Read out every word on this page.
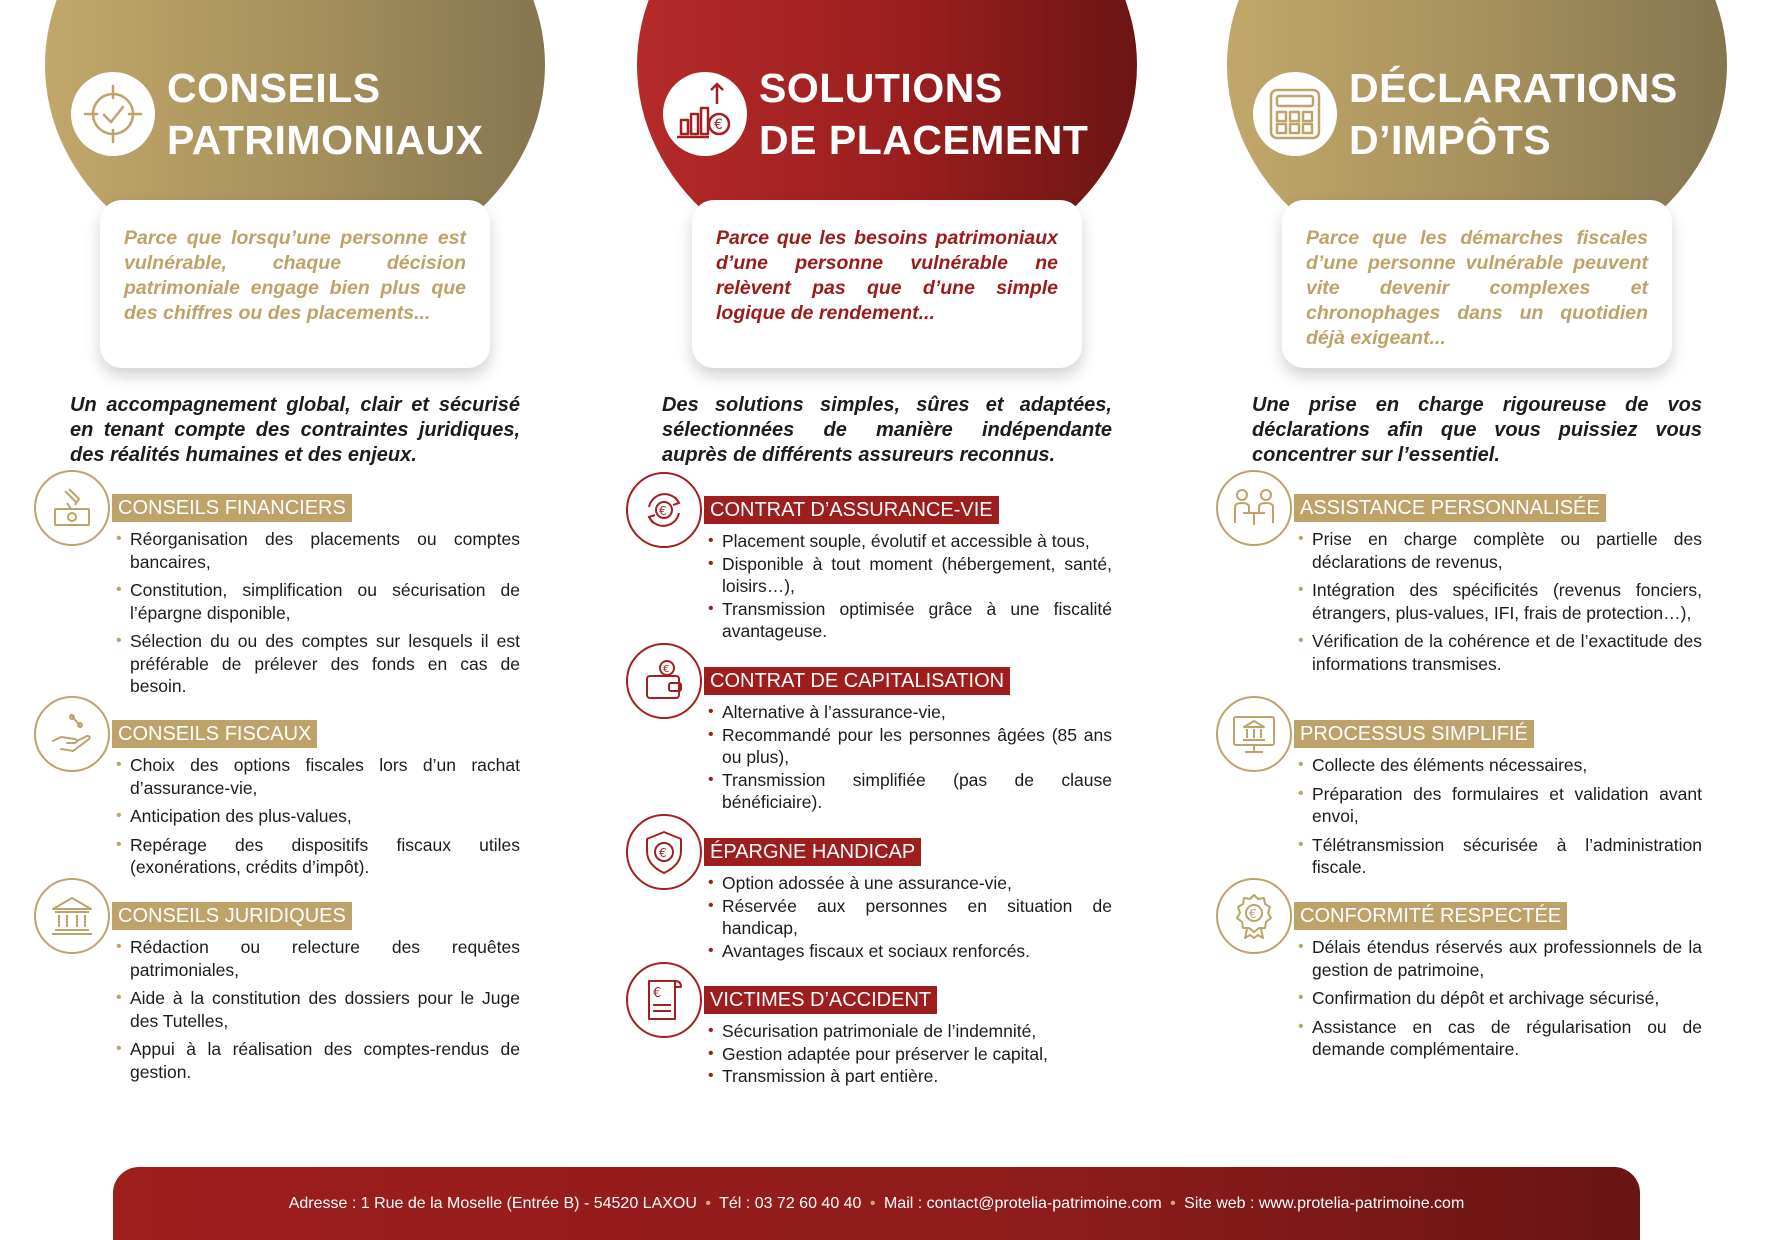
CONSEILS
PATRIMONIAUX
Parce que lorsqu’une personne est vulnérable, chaque décision patrimoniale engage bien plus que des chiffres ou des placements...
Un accompagnement global, clair et sécurisé en tenant compte des contraintes juridiques, des réalités humaines et des enjeux.
CONSEILS FINANCIERS
• Réorganisation des placements ou comptes bancaires,
• Constitution, simplification ou sécurisation de l’épargne disponible,
• Sélection du ou des comptes sur lesquels il est préférable de prélever des fonds en cas de besoin.
CONSEILS FISCAUX
• Choix des options fiscales lors d’un rachat d’assurance-vie,
• Anticipation des plus-values,
• Repérage des dispositifs fiscaux utiles (exonérations, crédits d’impôt).
CONSEILS JURIDIQUES
• Rédaction ou relecture des requêtes patrimoniales,
• Aide à la constitution des dossiers pour le Juge des Tutelles,
• Appui à la réalisation des comptes-rendus de gestion.
€
SOLUTIONS
DE PLACEMENT
Parce que les besoins patrimoniaux d’une personne vulnérable ne relèvent pas que d’une simple logique de rendement...
Des solutions simples, sûres et adaptées, sélectionnées de manière indépendante auprès de différents assureurs reconnus.
€	CONTRAT D’ASSURANCE-VIE
• Placement souple, évolutif et accessible à tous,
• Disponible à tout moment (hébergement, santé, loisirs…),
• Transmission optimisée grâce à une fiscalité avantageuse.
€
CONTRAT DE CAPITALISATION
• Alternative à l’assurance-vie,
• Recommandé pour les personnes âgées (85 ans ou plus),
• Transmission simplifiée (pas de clause bénéficiaire).
€	ÉPARGNE HANDICAP
• Option adossée à une assurance-vie,
• Réservée aux personnes en situation de handicap,
• Avantages fiscaux et sociaux renforcés.
€	VICTIMES D’ACCIDENT
• Sécurisation patrimoniale de l’indemnité,
• Gestion adaptée pour préserver le capital,
• Transmission à part entière.
DÉCLARATIONS
D’IMPÔTS
Parce que les démarches fiscales d’une personne vulnérable peuvent vite devenir complexes et chronophages dans un quotidien déjà exigeant...
Une prise en charge rigoureuse de vos déclarations afin que vous puissiez vous concentrer sur l’essentiel.
ASSISTANCE PERSONNALISÉE
• Prise en charge complète ou partielle des déclarations de revenus,
• Intégration des spécificités (revenus fonciers, étrangers, plus-values, IFI, frais de protection…),
• Vérification de la cohérence et de l’exactitude des informations transmises.
PROCESSUS SIMPLIFIÉ
• Collecte des éléments nécessaires,
• Préparation des formulaires et validation avant envoi,
• Télétransmission sécurisée à l’administration fiscale.
€	CONFORMITÉ RESPECTÉE
• Délais étendus réservés aux professionnels de la gestion de patrimoine,
• Confirmation du dépôt et archivage sécurisé,
• Assistance en cas de régularisation ou de demande complémentaire.
Adresse : 1 Rue de la Moselle (Entrée B) - 54520 LAXOU • Tél : 03 72 60 40 40 • Mail : contact@protelia-patrimoine.com • Site web : www.protelia-patrimoine.com
